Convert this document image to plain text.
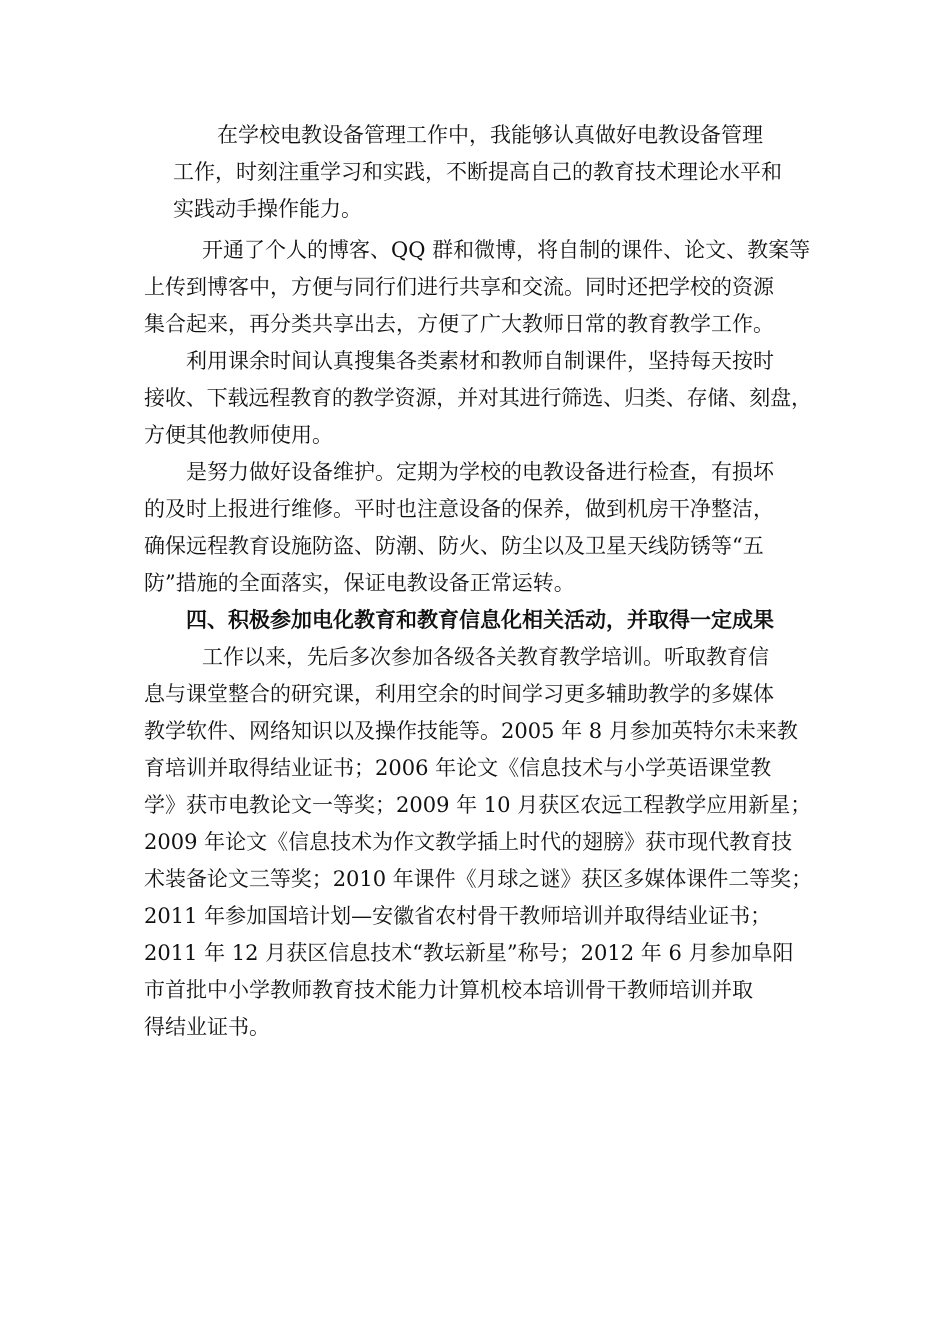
在学校电教设备管理工作中，我能够认真做好电教设备管理
工作，时刻注重学习和实践，不断提高自己的教育技术理论水平和
实践动手操作能力。
开通了个人的博客、QQ 群和微博，将自制的课件、论文、教案等
上传到博客中，方便与同行们进行共享和交流。同时还把学校的资源
集合起来，再分类共享出去，方便了广大教师日常的教育教学工作。
利用课余时间认真搜集各类素材和教师自制课件，坚持每天按时
接收、下载远程教育的教学资源，并对其进行筛选、归类、存储、刻盘，
方便其他教师使用。
是努力做好设备维护。定期为学校的电教设备进行检查，有损坏
的及时上报进行维修。平时也注意设备的保养，做到机房干净整洁，
确保远程教育设施防盗、防潮、防火、防尘以及卫星天线防锈等“五
防”措施的全面落实，保证电教设备正常运转。
四、积极参加电化教育和教育信息化相关活动，并取得一定成果
工作以来，先后多次参加各级各关教育教学培训。听取教育信
息与课堂整合的研究课，利用空余的时间学习更多辅助教学的多媒体
教学软件、网络知识以及操作技能等。2005 年 8 月参加英特尔未来教
育培训并取得结业证书；2006 年论文《信息技术与小学英语课堂教
学》获市电教论文一等奖；2009 年 10 月获区农远工程教学应用新星；
2009 年论文《信息技术为作文教学插上时代的翅膀》获市现代教育技
术装备论文三等奖；2010 年课件《月球之谜》获区多媒体课件二等奖；
2011 年参加国培计划—安徽省农村骨干教师培训并取得结业证书；
2011 年 12 月获区信息技术“教坛新星”称号；2012 年 6 月参加阜阳
市首批中小学教师教育技术能力计算机校本培训骨干教师培训并取
得结业证书。
